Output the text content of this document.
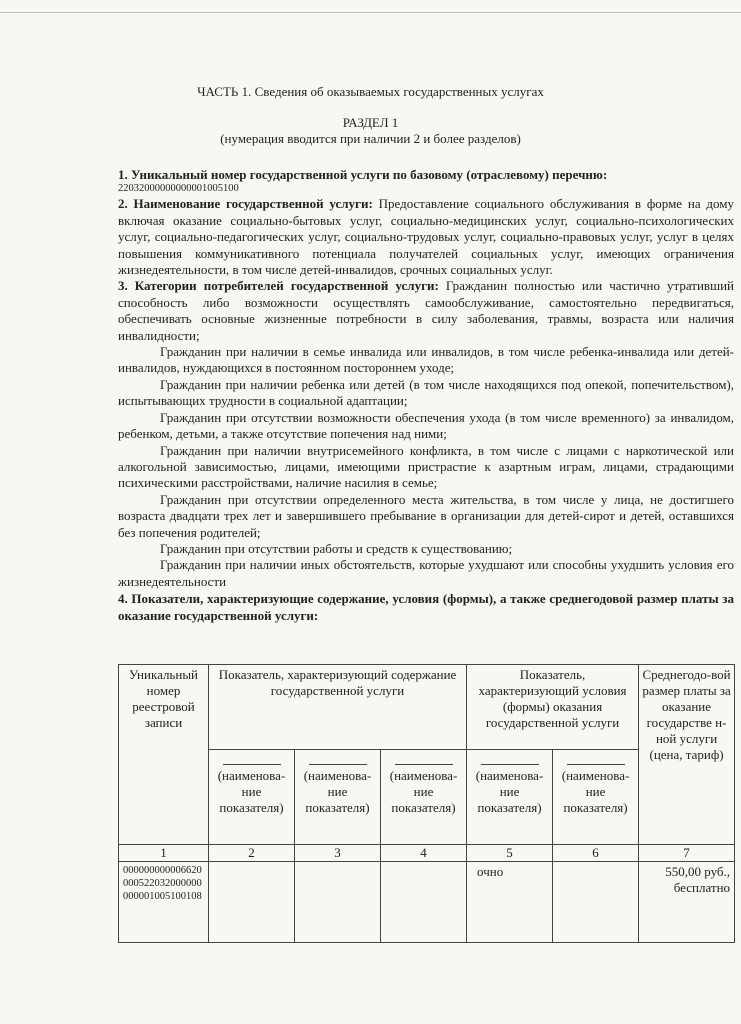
ЧАСТЬ 1. Сведения об оказываемых государственных услугах
РАЗДЕЛ 1
(нумерация вводится при наличии 2 и более разделов)

1. Уникальный номер государственной услуги по базовому (отраслевому) перечню:

22032000000000001005100

2. Наименование государственной услуги: Предоставление социального обслуживания в форме на дому включая оказание социально-бытовых услуг, социально-медицинских услуг, социально-психологических услуг, социально-педагогических услуг, социально-трудовых услуг, социально-правовых услуг, услуг в целях повышения коммуникативного потенциала получателей социальных услуг, имеющих ограничения жизнедеятельности, в том числе детей-инвалидов, срочных социальных услуг.

3. Категории потребителей государственной услуги: Гражданин полностью или частично утративший способность либо возможности осуществлять самообслуживание, самостоятельно передвигаться, обеспечивать основные жизненные потребности в силу заболевания, травмы, возраста или наличия инвалидности;

Гражданин при наличии в семье инвалида или инвалидов, в том числе ребенка-инвалида или детей-инвалидов, нуждающихся в постоянном постороннем уходе;

Гражданин при наличии ребенка или детей (в том числе находящихся под опекой, попечительством), испытывающих трудности в социальной адаптации;

Гражданин при отсутствии возможности обеспечения ухода (в том числе временного) за инвалидом, ребенком, детьми, а также отсутствие попечения над ними;

Гражданин при наличии внутрисемейного конфликта, в том числе с лицами с наркотической или алкогольной зависимостью, лицами, имеющими пристрастие к азартным играм, лицами, страдающими психическими расстройствами, наличие насилия в семье;

Гражданин при отсутствии определенного места жительства, в том числе у лица, не достигшего возраста двадцати трех лет и завершившего пребывание в организации для детей-сирот и детей, оставшихся без попечения родителей;

Гражданин при отсутствии работы и средств к существованию;

Гражданин при наличии иных обстоятельств, которые ухудшают или способны ухудшить условия его жизнедеятельности

4. Показатели, характеризующие содержание, условия (формы), а также среднегодовой размер платы за оказание государственной услуги:

Уникальный номер реестровой записи	Показатель, характеризующий содержание государственной услуги			Показатель, характеризующий условия (формы) оказания государственной услуги		Среднегодо-вой размер платы за оказание государстве н-ной услуги (цена, тариф)

(наименова-ние показателя)	(наименова-ние показателя)	(наименова-ние показателя)	(наименова-ние показателя)	(наименова-ние показателя)	
1	2	3	4	5	6	7
000000000006620000522032000000000001005100108				очно		550,00 руб., бесплатно
